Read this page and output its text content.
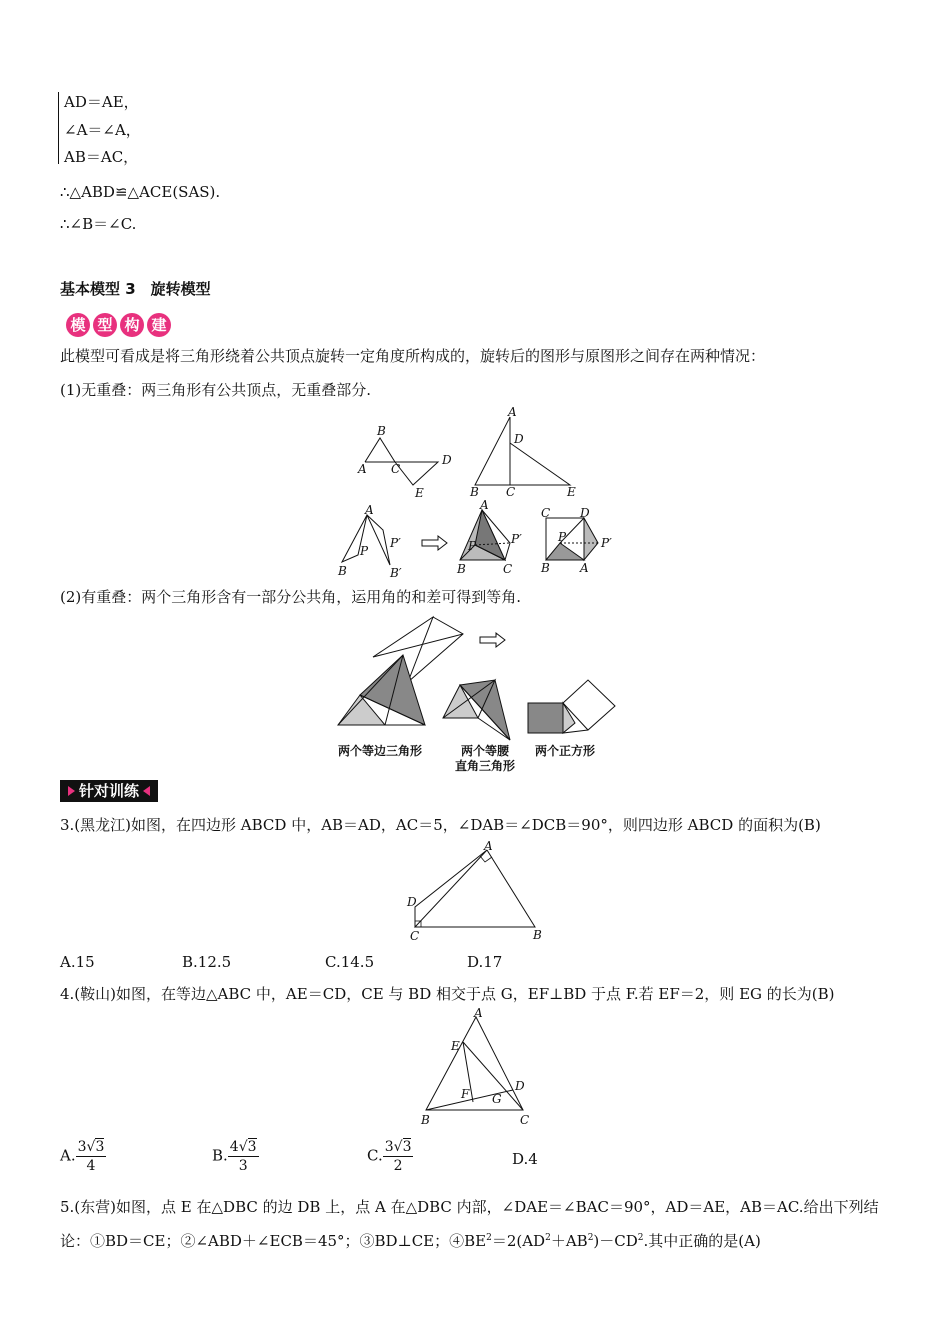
AD＝AE，
∠A＝∠A，
AB＝AC，
∴△ABD≌△ACE(SAS).
∴∠B＝∠C.
基本模型 3　旋转模型
模 型 构 建
此模型可看成是将三角形绕着公共顶点旋转一定角度所构成的，旋转后的图形与原图形之间存在两种情况：
(1)无重叠：两三角形有公共顶点，无重叠部分.
B
A C
D
E
A
D
B C	E
A
P
P′
B	B′
A
P	P′
B	C
C D
P	P′
B	A
(2)有重叠：两个三角形含有一部分公共角，运用角的和差可得到等角.
两个等边三角形	两个等腰
直角三角形
两个正方形
针对训练
3.(黑龙江)如图，在四边形 ABCD 中，AB＝AD，AC＝5，∠DAB＝∠DCB＝90°，则四边形 ABCD 的面积为(B)
A
D
C	B
A.15	B.12.5	C.14.5	D.17
4.(鞍山)如图，在等边△ABC 中，AE＝CD，CE 与 BD 相交于点 G，EF⊥BD 于点 F.若 EF＝2，则 EG 的长为(B)
A
E
D
F G
B	C
A. $\frac{3√3}{4}$	B. $\frac{4√3}{3}$	C. $\frac{3√3}{2}$	D.4
5.(东营)如图，点 E 在△DBC 的边 DB 上，点 A 在△DBC 内部，∠DAE＝∠BAC＝90°，AD＝AE，AB＝AC.给出下列结
论：①BD＝CE；②∠ABD＋∠ECB＝45°；③BD⊥CE；$④BE^2=2(AD^2+AB^2)-CD^2$.其中正确的是(A)
